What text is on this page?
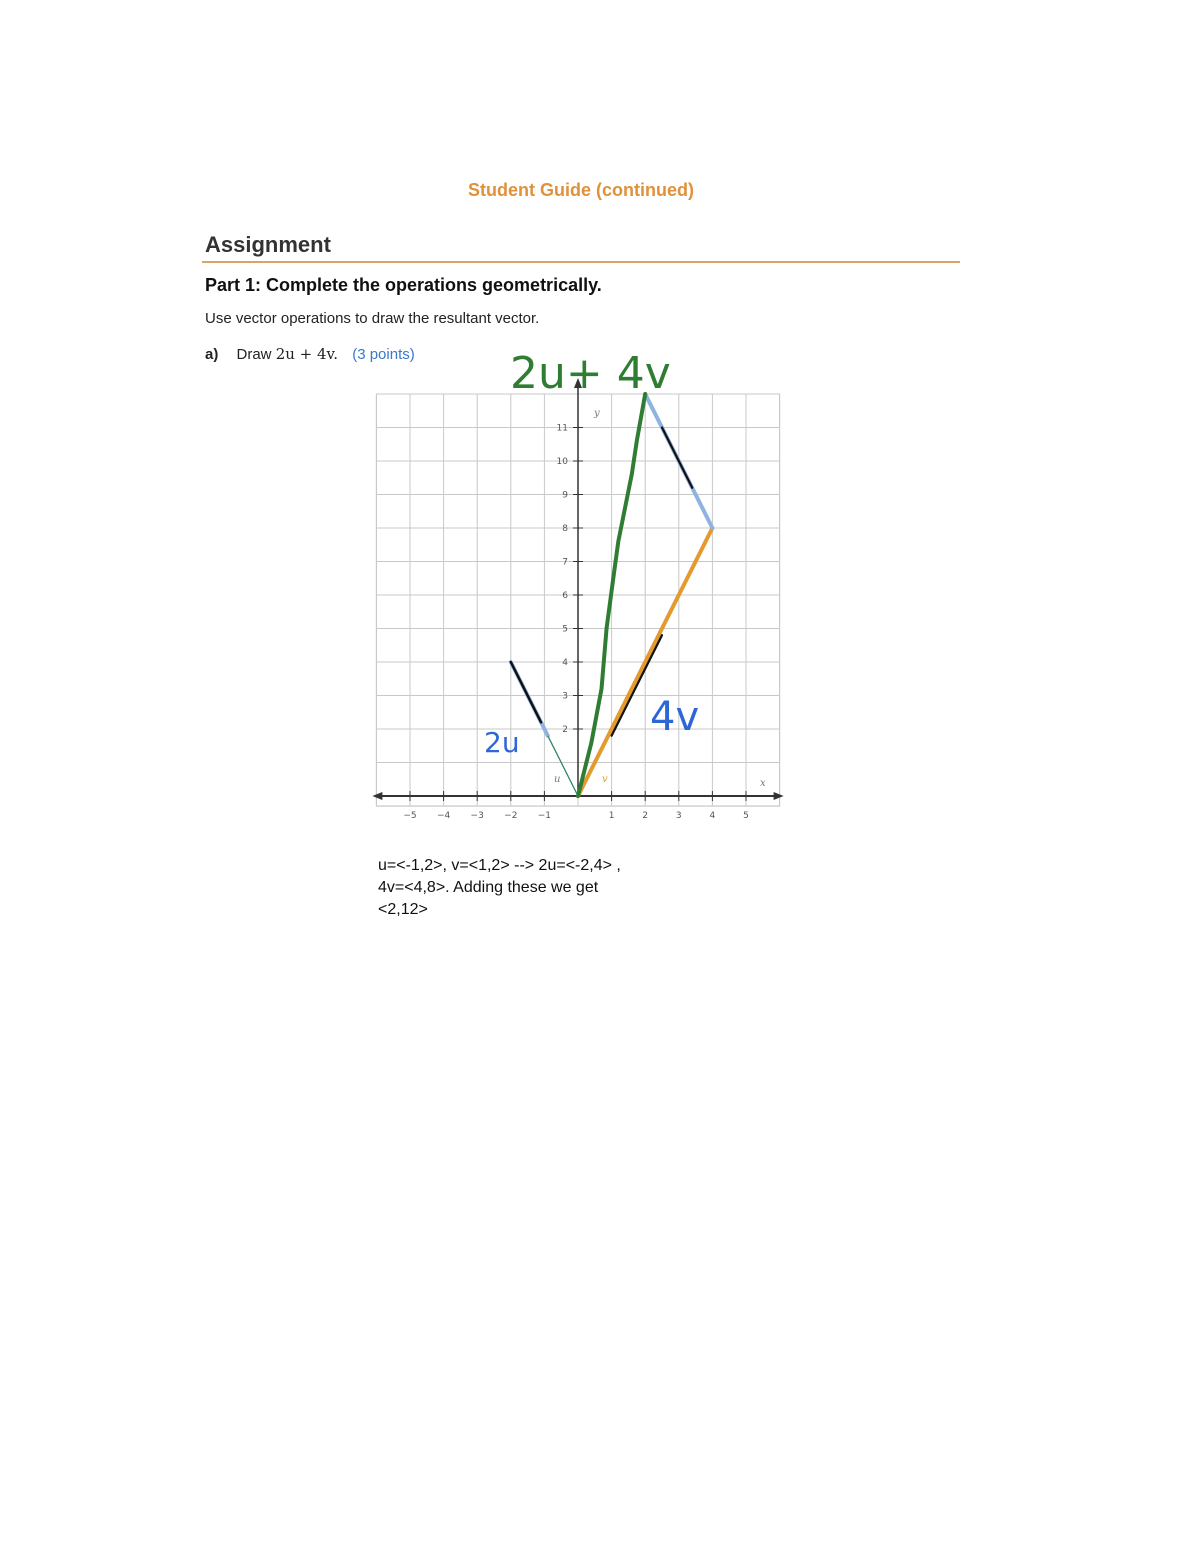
Student Guide (continued)
Assignment
Part 1: Complete the operations geometrically.
Use vector operations to draw the resultant vector.
a) Draw 2u + 4v. (3 points)
−5 −4 −3 −2 −1	1	2	3	4	5
2
3
4
5
6
7
8
9
10
11
2u+ 4v
2u
4v
x
y
u	v
u=<-1,2>, v=<1,2> --> 2u=<-2,4> ,
4v=<4,8>. Adding these we get
<2,12>
